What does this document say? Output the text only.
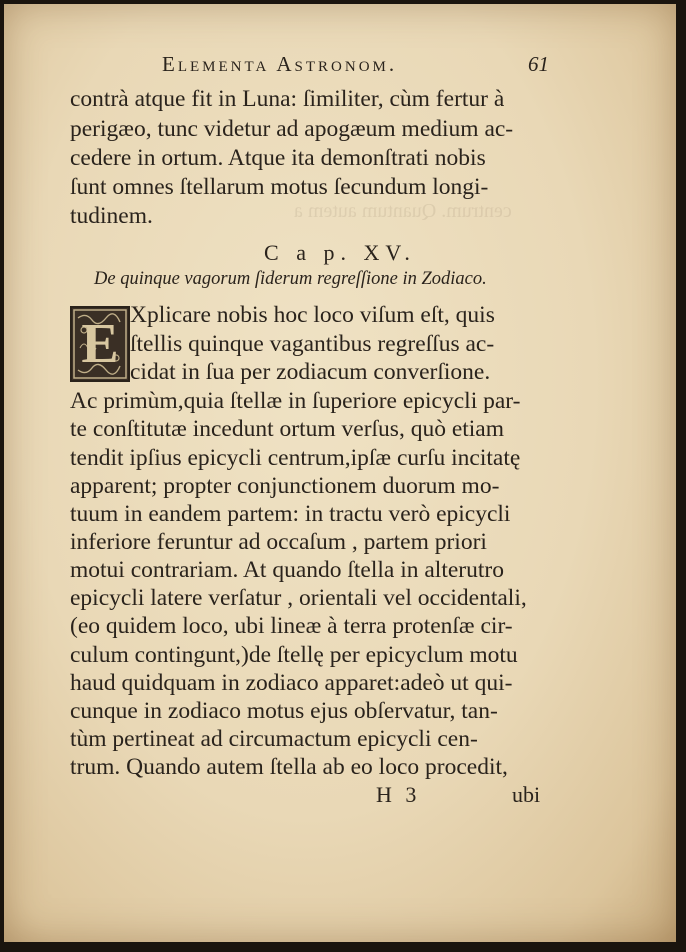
centrum. Quantum autem a
Elementa Astronom.	61
contrà atque fit in Luna: ſimiliter, cùm fertur à
perigæo, tunc videtur ad apogæum medium ac-
cedere in ortum. Atque ita demonſtrati nobis
ſunt omnes ſtellarum motus ſecundum longi-
tudinem.
C a p. XV.
De quinque vagorum ſiderum regreſſione in Zodiaco.
E Xplicare nobis hoc loco viſum eſt, quis
ſtellis quinque vagantibus regreſſus ac-
cidat in ſua per zodiacum converſione.
Ac primùm,quia ſtellæ in ſuperiore epicycli par-
te conſtitutæ incedunt ortum verſus, quò etiam
tendit ipſius epicycli centrum,ipſæ curſu incitatę
apparent; propter conjunctionem duorum mo-
tuum in eandem partem: in tractu verò epicycli
inferiore feruntur ad occaſum , partem priori
motui contrariam. At quando ſtella in alterutro
epicycli latere verſatur , orientali vel occidentali,
(eo quidem loco, ubi lineæ à terra protenſæ cir-
culum contingunt,)de ſtellę per epicyclum motu
haud quidquam in zodiaco apparet:adeò ut qui-
cunque in zodiaco motus ejus obſervatur, tan-
tùm pertineat ad circumactum epicycli cen-
trum. Quando autem ſtella ab eo loco procedit,
H 3	ubi
